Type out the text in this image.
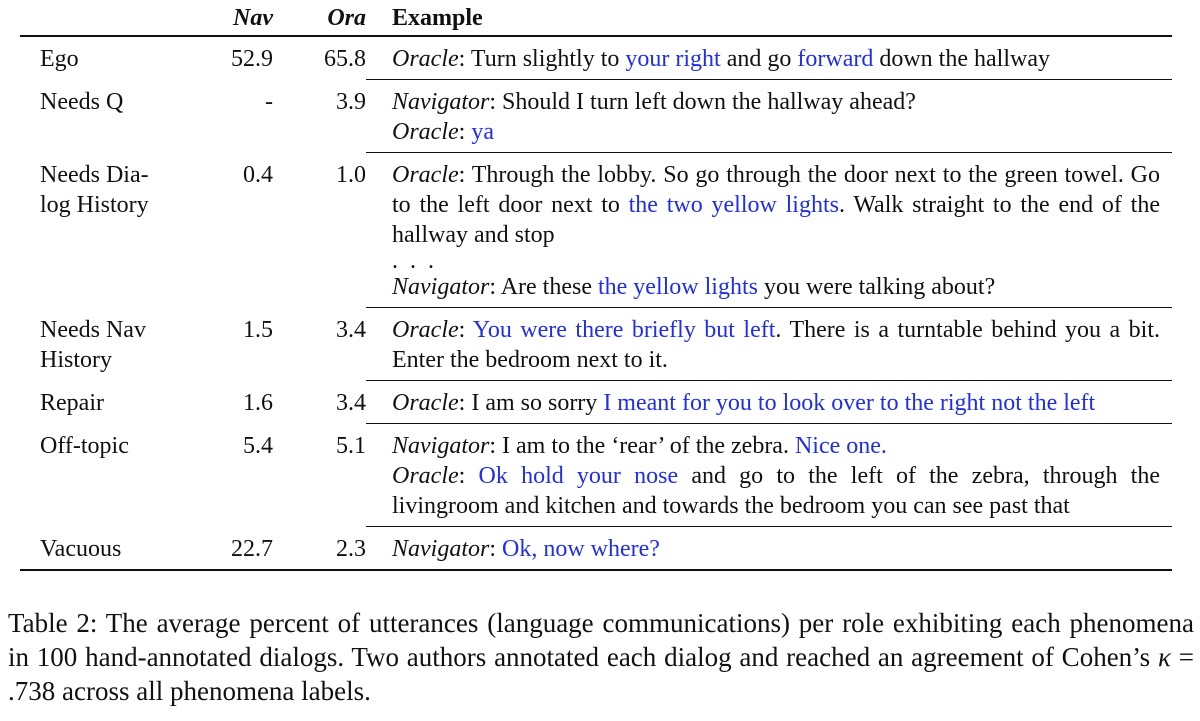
	Nav	Ora	Example
Ego	52.9	65.8	Oracle: Turn slightly to your right and go forward down the hallway

Needs Q	-	3.9	Navigator: Should I turn left down the hallway ahead?
Oracle: ya

Needs Dia-
log History	0.4	1.0	Oracle: Through the lobby. So go through the door next to the green towel. Go to the left door next to the two yellow lights. Walk straight to the end of the hallway and stop
. . .
Navigator: Are these the yellow lights you were talking about?

Needs Nav
History	1.5	3.4	Oracle: You were there briefly but left. There is a turntable behind you a bit. Enter the bedroom next to it.

Repair	1.6	3.4	Oracle: I am so sorry I meant for you to look over to the right not the left

Off-topic	5.4	5.1	Navigator: I am to the ‘rear’ of the zebra. Nice one.
Oracle: Ok hold your nose and go to the left of the zebra, through the livingroom and kitchen and towards the bedroom you can see past that

Vacuous	22.7	2.3	Navigator: Ok, now where?
Table 2: The average percent of utterances (language communications) per role exhibiting each phenomena in 100 hand-annotated dialogs. Two authors annotated each dialog and reached an agreement of Cohen’s κ = .738 across all phenomena labels.
